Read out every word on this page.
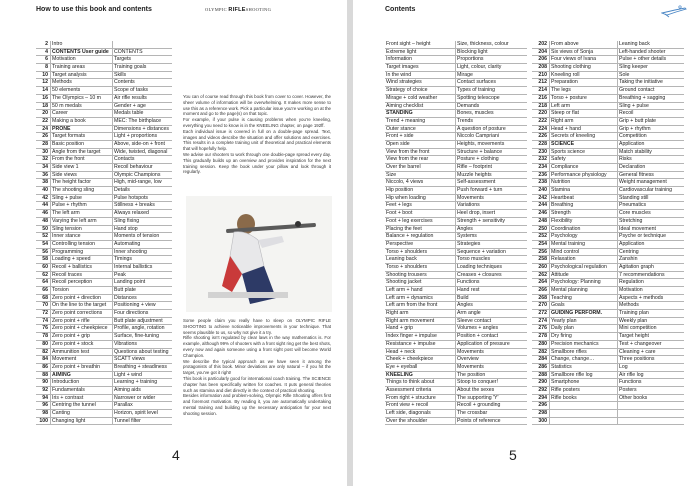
How to use this book and contents	OLYMPIC RIFLESHOOTING
2 Intro
4 CONTENTS User guide	CONTENTS
6 Motivation	Targets
8 Training areas	Training goals
10 Target analysis	Skills
12 Methods	Contents
14 50 elements	Scope of tasks
16 The Olympics – 10 m	Air rifle results
18 50 m medals	Gender + age
20 Career	Medals table
22 Making a book	MEC: The birthplace
24 PRONE	Dimensions + distances
26 Target formats	Light + proportions
28 Basic position	Above, side-on + front
30 Angle from the target	Wide, twisted, diagonal
32 From the front	Contacts
34 Side view 1	Recoil behaviour
36 Side views	Olympic Champions
38 The height factor	High, mid-range, low
40 The shooting sling	Details
42 Sling + pulse	Pulse hotspots
44 Pulse + rhythm	Stillness + breaks
46 The left arm	Always relaxed
48 Varying the left arm	Sling fixing
50 Sling tension	Hand stop
52 Inner stance	Moments of tension
54 Controlling tension	Automating
56 Programming	Inner shooting
58 Loading + speed	Timings
60 Recoil + ballistics	Internal ballistics
62 Recoil traces	Peak
64 Recoil perception	Landing point
66 Torsion	Butt plate
68 Zero point + direction	Distances
70 On the line to the target	Positioning + view
72 Zero point corrections	Four directions
74 Zero point + rifle	Butt plate adjustment
76 Zero point + cheekpiece	Profile, angle, rotation
78 Zero point + grip	Surface, fine-tuning
80 Zero point + stock	Vibrations
82 Ammunition test	Questions about testing
84 Movement	SCATT views
86 Zero point + breathin	Breathing + steadiness
88 AIMING	Light + wind
90 Introduction	Learning + training
92 Fundamentals	Aiming aids
94 Iris + contrast	Narrower or wider
96 Centring the tunnel	Parallax
98 Canting	Horizon, spirit level
100 Changing light	Tunnel filter

You can of course read through this book from cover to cover. However, the sheer volume of information will be overwhelming. It makes more sense to use this as a reference work. Pick a particular issue you’re working on at the moment and go to the page(s) on that topic.

For example, if your pulse is causing problems when you’re kneeling, everything you need to know is in the KNEELING chapter, on page 192ff.

Each individual issue is covered in full on a double-page spread. Text, images and videos describe the situation and offer solutions and exercises. This results in a complete training unit of theoretical and practical elements that will hopefully help.

We advise our shooters to work through one double-page spread every day. This gradually builds up an overview and provides inspiration for the next training session. Keep the book under your pillow and look through it regularly.

Some people claim you really have to sleep on OLYMPIC RIFLE SHOOTING to achieve noticeable improvements in your technique. That seems plausible to us, so why not give it a try.

Rifle shooting isn’t regulated by clear laws in the way mathematics is. For example, although 99% of shooters with a front sight ring get the best shots, every now and again someone using a front sight post will become World Champion.

We describe the typical approach as we have seen it among the protagonists of this book. Minor deviations are only natural – if you hit the target, you’ve got it right!

This book is particularly good for international coach training. The SCIENCE chapter has been specifically written for coaches. It puts general theories such as stamina and diet directly in the context of practical shooting.

Besides information and problem-solving, Olympic Rifle Shooting offers first and foremost motivation. By reading it, you are automatically undertaking mental training and building up the necessary anticipation for your next shooting session.

4
Contents
Front sight – height	Size, thickness, colour
Extreme light	Blocking light
Information	Proportions
Target images	Light, colour, clarity
In the wind	Mirage
Wind strategies	Contact surfaces
Strategy of choice	Types of training
Mirage + cold weather	Spotting telescope
Aiming checklist	Demands
STANDING	Bones, muscles
Trend + meaning	Trends
Outer stance	A question of posture
Front + side	Niccolo Campriani
Open side	Heights, movements
View from the front	Structure + balance
View from the rear	Posture + clothing
Over the barrel	Rifle – footprint
Size	Muzzle heights
Niccolo, 4 views	Self-assessment
Hip position	Push forward + turn
Hip when loading	Movements
Feet + legs	Variations
Foot + boot	Heel drop, insert
Foot + leg exercises	Strength + sensitivity
Placing the feet	Angles
Balance + regulation	Systems
Perspective	Strategies
Torso + shoulders	Sequence + variation
Leaning back	Torso muscles
Torso + shoulders	Loading techniques
Shooting trousers	Creases + closures
Shooting jacket	Functions
Left arm + hand	Hand rest
Left arm + dynamics	Build
Left arm from the front	Angles
Right arm	Arm angle
Right arm movement	Sleeve contact
Hand + grip	Volumes + angles
Index finger + impulse	Position + contact
Resistance + impulse	Application of pressure
Head + neck	Movements
Cheek + cheekpiece	Overview
Eye + eyeball	Movements
KNEELING	The position
Things to think about	Stoop to conquer!
Assessment criteria	About the sexes
From right + structure	The supporting 'Y'
Front view + recoil	Recoil + grounding
Left side, diagonals	The crossbar
Over the shoulder	Points of reference
202 From above	Leaning back
204 Six views of Sonja	Left-handed shooter
206 Four views of Ivana	Pulse + other details
208 Shooting clothing	Sling keeper
210 Kneeling roll	Sole
212 Preparation	Taking the initiative
214 The legs	Ground contact
216 Torso + posture	Breathing + sagging
218 Left arm	Sling + pulse
220 Steep or flat	Recoil
222 Right arm	Grip + butt plate
224 Head + hand	Grip + rhythm
226 Secrets of kneeling	Competition
228 SCIENCE	Application
230 Sports science	Match stability
232 Safety	Risks
234 Compliance	Declaration
236 Performance physiology	General fitness
238 Nutrition	Weight management
240 Stamina	Cardiovascular training
242 Heartbeat	Standing still
244 Breathing	Pneumatics
246 Strength	Core muscles
248 Flexibility	Stretching
250 Coordination	Ideal movement
252 Psychology	Psyche or technique
254 Mental training	Application
256 Mind control	Centring
258 Relaxation	Zanshin
260 Psychological regulation	Agitation graph
262 Attitude	7 recommendations
264 Psychology: Planning	Regulation
266 Mental planning	Motivation
268 Teaching	Aspects + methods
270 Goals	Methods
272 GUIDING PERFORM.	Training plan
274 Yearly plan	Weekly plan
276 Daily plan	Mini competition
278 Dry firing	Target height
280 Precision mechanics	Test + changeover
282 Smallbore rifles	Cleaning + care
284 Change, change…	Three positions
286 Statistics	Log
288 Smallbore rifle log	Air rifle log
290 Smartphone	Functions
292 Rifle posters	Posters
294 Rifle books	Other books
296
298
300
5
